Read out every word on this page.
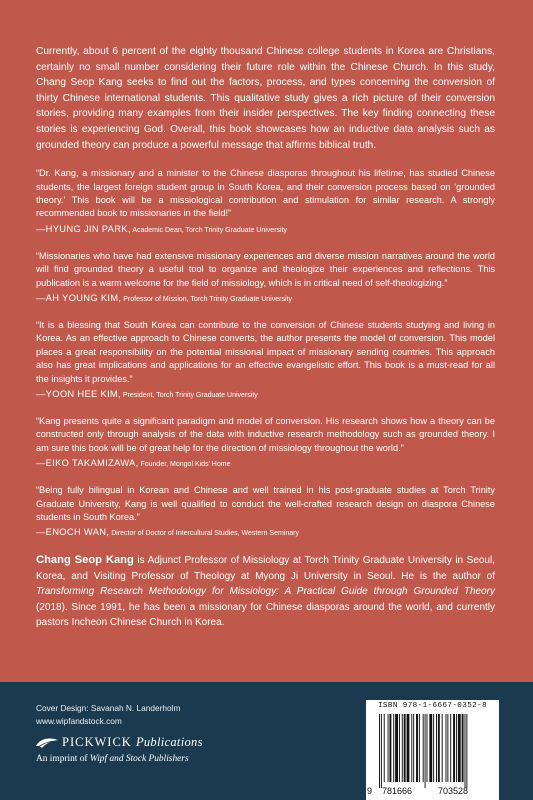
Currently, about 6 percent of the eighty thousand Chinese college students in Korea are Christians, certainly no small number considering their future role within the Chinese Church. In this study, Chang Seop Kang seeks to find out the factors, process, and types concerning the conversion of thirty Chinese international students. This qualitative study gives a rich picture of their conversion stories, providing many examples from their insider perspectives. The key finding connecting these stories is experiencing God. Overall, this book showcases how an inductive data analysis such as grounded theory can produce a powerful message that affirms biblical truth.

“Dr. Kang, a missionary and a minister to the Chinese diasporas throughout his lifetime, has studied Chinese students, the largest foreign student group in South Korea, and their conversion process based on ‘grounded theory.’ This book will be a missiological contribution and stimulation for similar research. A strongly recommended book to missionaries in the field!”

—HYUNG JIN PARK, Academic Dean, Torch Trinity Graduate University

“Missionaries who have had extensive missionary experiences and diverse mission narratives around the world will find grounded theory a useful tool to organize and theologize their experiences and reflections. This publication is a warm welcome for the field of missiology, which is in critical need of self-theologizing.”

—AH YOUNG KIM, Professor of Mission, Torch Trinity Graduate University

“It is a blessing that South Korea can contribute to the conversion of Chinese students studying and living in Korea. As an effective approach to Chinese converts, the author presents the model of conversion. This model places a great responsibility on the potential missional impact of missionary sending countries. This approach also has great implications and applications for an effective evangelistic effort. This book is a must-read for all the insights it provides.”

—YOON HEE KIM, President, Torch Trinity Graduate University

“Kang presents quite a significant paradigm and model of conversion. His research shows how a theory can be constructed only through analysis of the data with inductive research methodology such as grounded theory. I am sure this book will be of great help for the direction of missiology throughout the world.”

—EIKO TAKAMIZAWA, Founder, Mongol Kids’ Home

“Being fully bilingual in Korean and Chinese and well trained in his post-graduate studies at Torch Trinity Graduate University, Kang is well qualified to conduct the well-crafted research design on diaspora Chinese students in South Korea.”

—ENOCH WAN, Director of Doctor of Intercultural Studies, Western Seminary

Chang Seop Kang is Adjunct Professor of Missiology at Torch Trinity Graduate University in Seoul, Korea, and Visiting Professor of Theology at Myong Ji University in Seoul. He is the author of Transforming Research Methodology for Missiology: A Practical Guide through Grounded Theory (2018). Since 1991, he has been a missionary for Chinese diasporas around the world, and currently pastors Incheon Chinese Church in Korea.

Cover Design: Savanah N. Landerholm
www.wipfandstock.com
PICKWICK Publications
An imprint of Wipf and Stock Publishers
ISBN 978-1-6667-0352-8
9 781666	703528
